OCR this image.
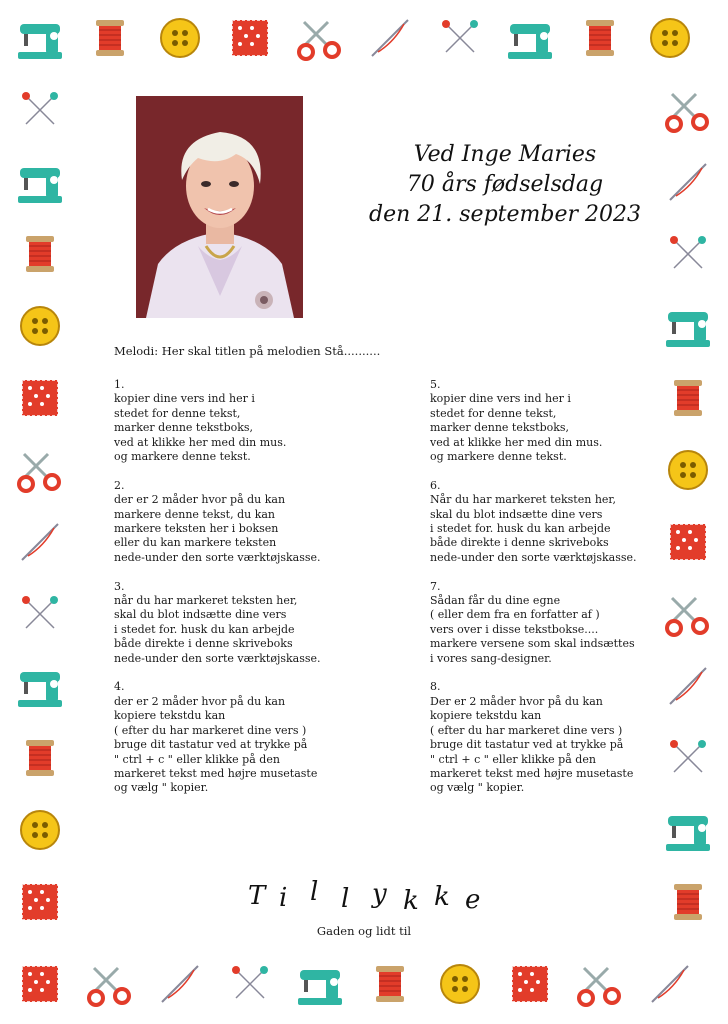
Ved Inge Maries
70 års fødselsdag
den 21. september 2023
Melodi: Her skal titlen på melodien Stå..........
1.
kopier dine vers ind her i
stedet for denne tekst,
marker denne tekstboks,
ved at klikke her med din mus.
og markere denne tekst.
2.
der er 2 måder hvor på du kan
markere denne tekst, du kan
markere teksten her i boksen
eller du kan markere teksten
nede-under den sorte værktøjskasse.
3.
når du har markeret teksten her,
skal du blot indsætte dine vers
i stedet for. husk du kan arbejde
både direkte i denne skriveboks
nede-under den sorte værktøjskasse.
4.
der er 2 måder hvor på du kan
kopiere tekstdu kan
( efter du har markeret dine vers )
bruge dit tastatur ved at trykke på
" ctrl + c " eller klikke på den
markeret tekst med højre musetaste
og vælg " kopier.
5.
kopier dine vers ind her i
stedet for denne tekst,
marker denne tekstboks,
ved at klikke her med din mus.
og markere denne tekst.
6.
Når du har markeret teksten her,
skal du blot indsætte dine vers
i stedet for. husk du kan arbejde
både direkte i denne skriveboks
nede-under den sorte værktøjskasse.
7.
Sådan får du dine egne
( eller dem fra en forfatter af )
vers over i disse tekstbokse....
markere versene som skal indsættes
i vores sang-designer.
8.
Der er 2 måder hvor på du kan
kopiere tekstdu kan
( efter du har markeret dine vers )
bruge dit tastatur ved at trykke på
" ctrl + c " eller klikke på den
markeret tekst med højre musetaste
og vælg " kopier.
T
i l l y
k
k
e
Gaden og lidt til
